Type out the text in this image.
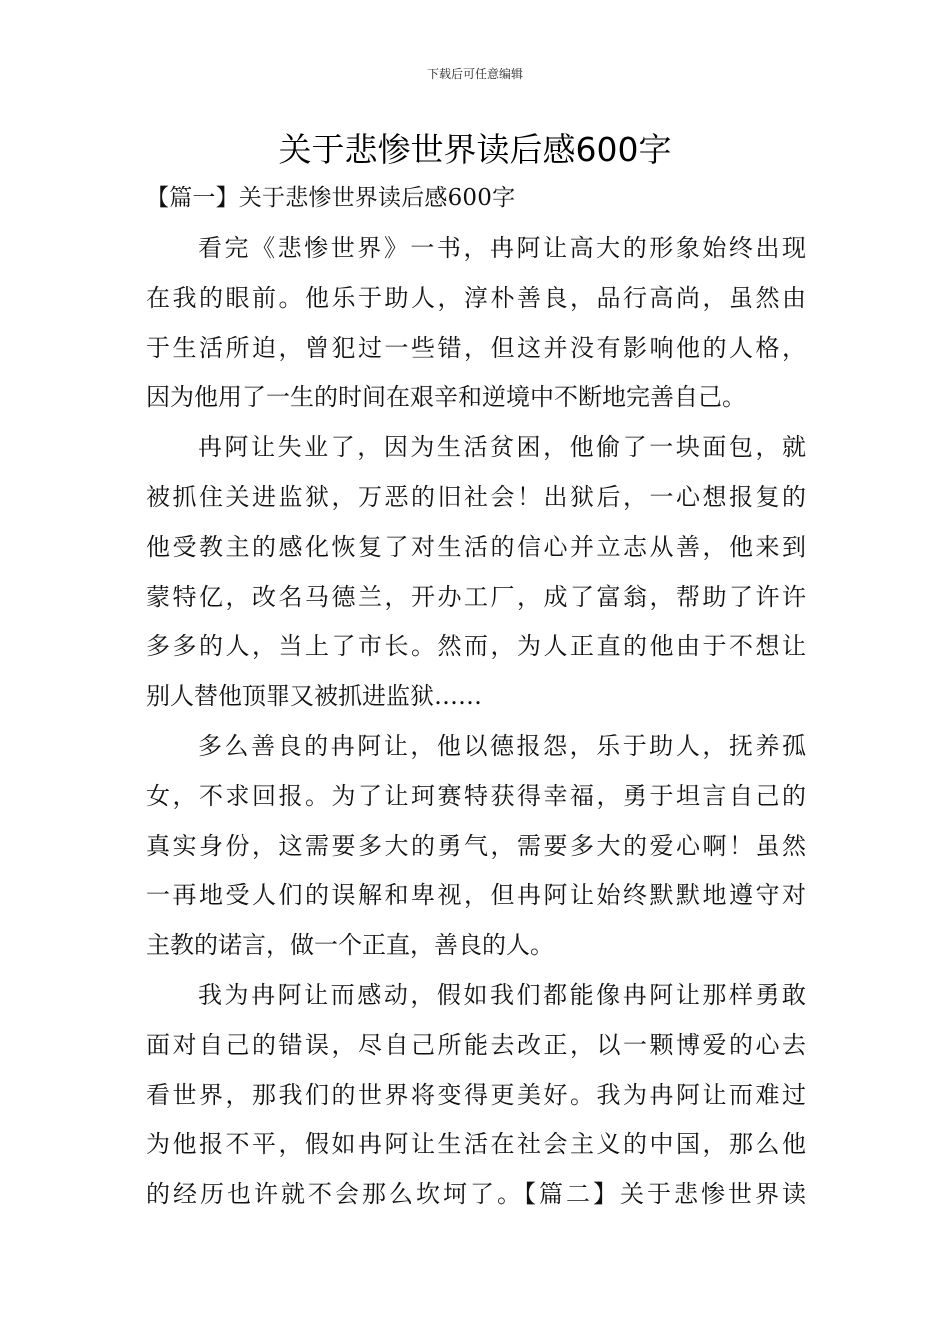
下载后可任意编辑
关于悲惨世界读后感600字
【篇一】关于悲惨世界读后感600字
看完《悲惨世界》一书，冉阿让高大的形象始终出现
在我的眼前。他乐于助人，淳朴善良，品行高尚，虽然由
于生活所迫，曾犯过一些错，但这并没有影响他的人格，
因为他用了一生的时间在艰辛和逆境中不断地完善自己。
冉阿让失业了，因为生活贫困，他偷了一块面包，就
被抓住关进监狱，万恶的旧社会！出狱后，一心想报复的
他受教主的感化恢复了对生活的信心并立志从善，他来到
蒙特亿，改名马德兰，开办工厂，成了富翁，帮助了许许
多多的人，当上了市长。然而，为人正直的他由于不想让
别人替他顶罪又被抓进监狱……
多么善良的冉阿让，他以德报怨，乐于助人，抚养孤
女，不求回报。为了让珂赛特获得幸福，勇于坦言自己的
真实身份，这需要多大的勇气，需要多大的爱心啊！虽然
一再地受人们的误解和卑视，但冉阿让始终默默地遵守对
主教的诺言，做一个正直，善良的人。
我为冉阿让而感动，假如我们都能像冉阿让那样勇敢
面对自己的错误，尽自己所能去改正，以一颗博爱的心去
看世界，那我们的世界将变得更美好。我为冉阿让而难过
为他报不平，假如冉阿让生活在社会主义的中国，那么他
的经历也许就不会那么坎坷了。【篇二】关于悲惨世界读
